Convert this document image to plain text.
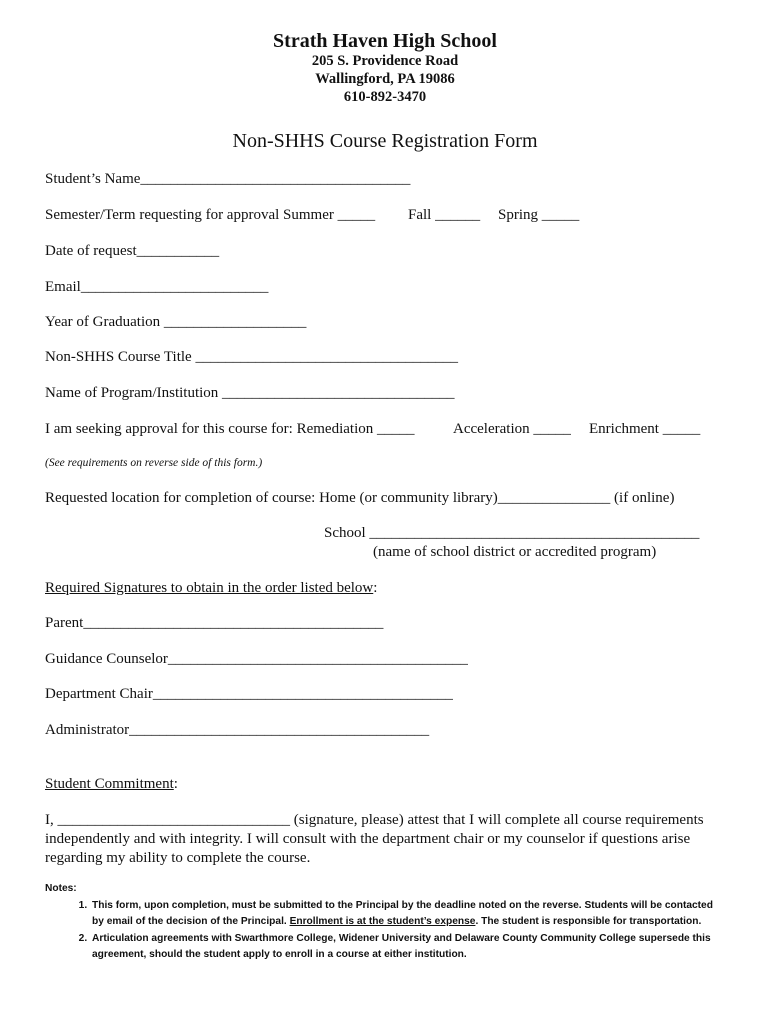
Strath Haven High School
205 S. Providence Road
Wallingford, PA 19086
610-892-3470
Non-SHHS Course Registration Form
Student’s Name____________________________________
Semester/Term requesting for approval Summer _____ Fall ______ Spring _____
Date of request___________
Email_________________________
Year of Graduation ___________________
Non-SHHS Course Title ___________________________________
Name of Program/Institution _______________________________
I am seeking approval for this course for: Remediation _____	Acceleration _____ Enrichment _____
(See requirements on reverse side of this form.)
Requested location for completion of course: Home (or community library)_______________ (if online)
School ____________________________________________
(name of school district or accredited program)
Required Signatures to obtain in the order listed below:
Parent________________________________________
Guidance Counselor________________________________________
Department Chair________________________________________
Administrator________________________________________
Student Commitment:
I, _______________________________ (signature, please) attest that I will complete all course requirements independently and with integrity. I will consult with the department chair or my counselor if questions arise regarding my ability to complete the course.
Notes:
1. This form, upon completion, must be submitted to the Principal by the deadline noted on the reverse. Students will be contacted by email of the decision of the Principal. Enrollment is at the student’s expense. The student is responsible for transportation.
2. Articulation agreements with Swarthmore College, Widener University and Delaware County Community College supersede this agreement, should the student apply to enroll in a course at either institution.
